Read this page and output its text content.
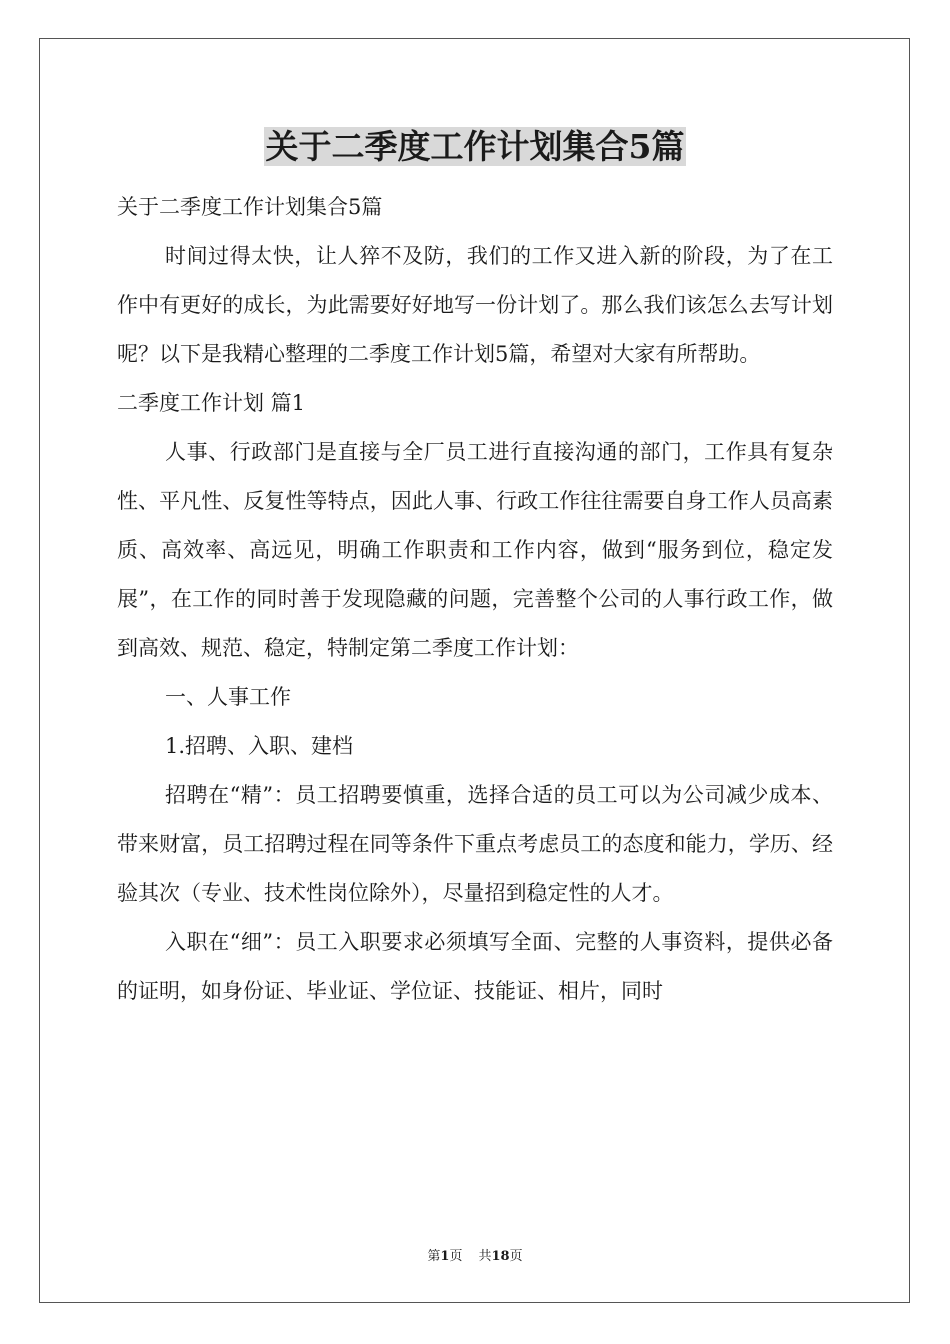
关于二季度工作计划集合5篇

关于二季度工作计划集合5篇

时间过得太快，让人猝不及防，我们的工作又进入新的阶段，为了在工作中有更好的成长，为此需要好好地写一份计划了。那么我们该怎么去写计划呢？以下是我精心整理的二季度工作计划5篇，希望对大家有所帮助。

二季度工作计划 篇1

人事、行政部门是直接与全厂员工进行直接沟通的部门，工作具有复杂性、平凡性、反复性等特点，因此人事、行政工作往往需要自身工作人员高素质、高效率、高远见，明确工作职责和工作内容，做到“服务到位，稳定发展”，在工作的同时善于发现隐藏的问题，完善整个公司的人事行政工作，做到高效、规范、稳定，特制定第二季度工作计划：

一、人事工作

1.招聘、入职、建档

招聘在“精”：员工招聘要慎重，选择合适的员工可以为公司减少成本、带来财富，员工招聘过程在同等条件下重点考虑员工的态度和能力，学历、经验其次（专业、技术性岗位除外），尽量招到稳定性的人才。

入职在“细”：员工入职要求必须填写全面、完整的人事资料，提供必备的证明，如身份证、毕业证、学位证、技能证、相片，同时

第1页 共18页
